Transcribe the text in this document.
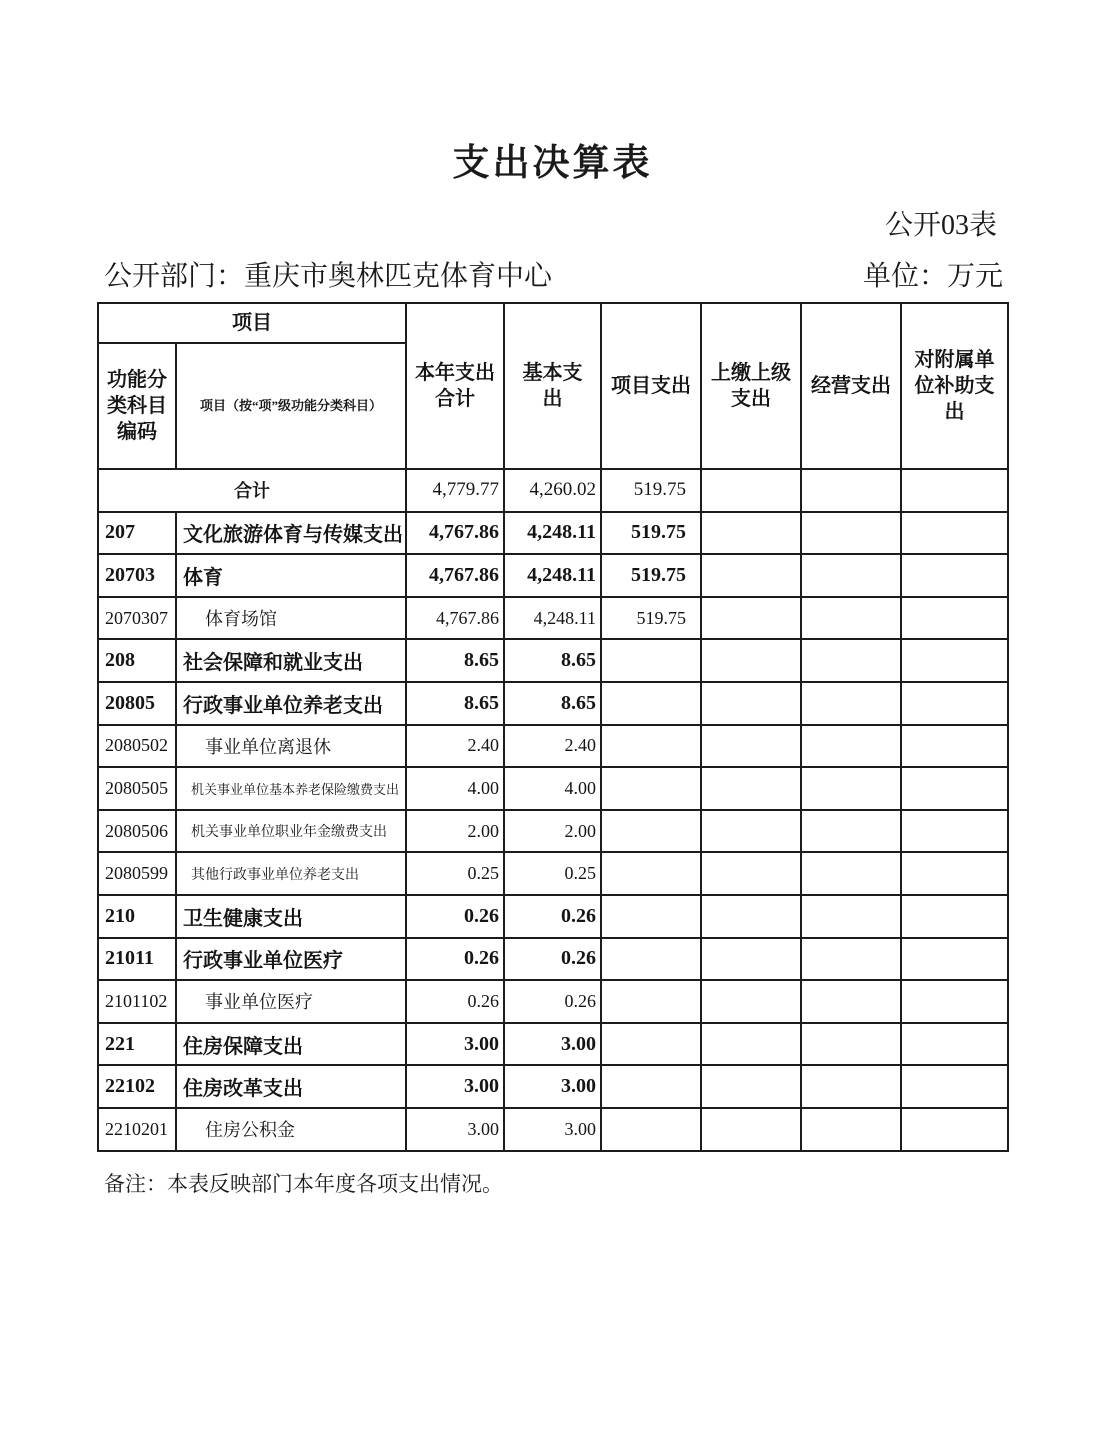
支出决算表
公开03表
公开部门：重庆市奥林匹克体育中心	单位：万元
项目		本年支出合计	基本支出	项目支出	上缴上级支出	经营支出	对附属单位补助支出
功能分类科目编码	项目（按“项”级功能分类科目）						
合计		4,779.77	4,260.02	519.75			
207	文化旅游体育与传媒支出	4,767.86	4,248.11	519.75			
20703	体育	4,767.86	4,248.11	519.75			
2070307	体育场馆	4,767.86	4,248.11	519.75			
208	社会保障和就业支出	8.65	8.65				
20805	行政事业单位养老支出	8.65	8.65				
2080502	事业单位离退休	2.40	2.40				
2080505	机关事业单位基本养老保险缴费支出	4.00	4.00				
2080506	机关事业单位职业年金缴费支出	2.00	2.00				
2080599	其他行政事业单位养老支出	0.25	0.25				
210	卫生健康支出	0.26	0.26				
21011	行政事业单位医疗	0.26	0.26				
2101102	事业单位医疗	0.26	0.26				
221	住房保障支出	3.00	3.00				
22102	住房改革支出	3.00	3.00				
2210201	住房公积金	3.00	3.00				
备注：本表反映部门本年度各项支出情况。
